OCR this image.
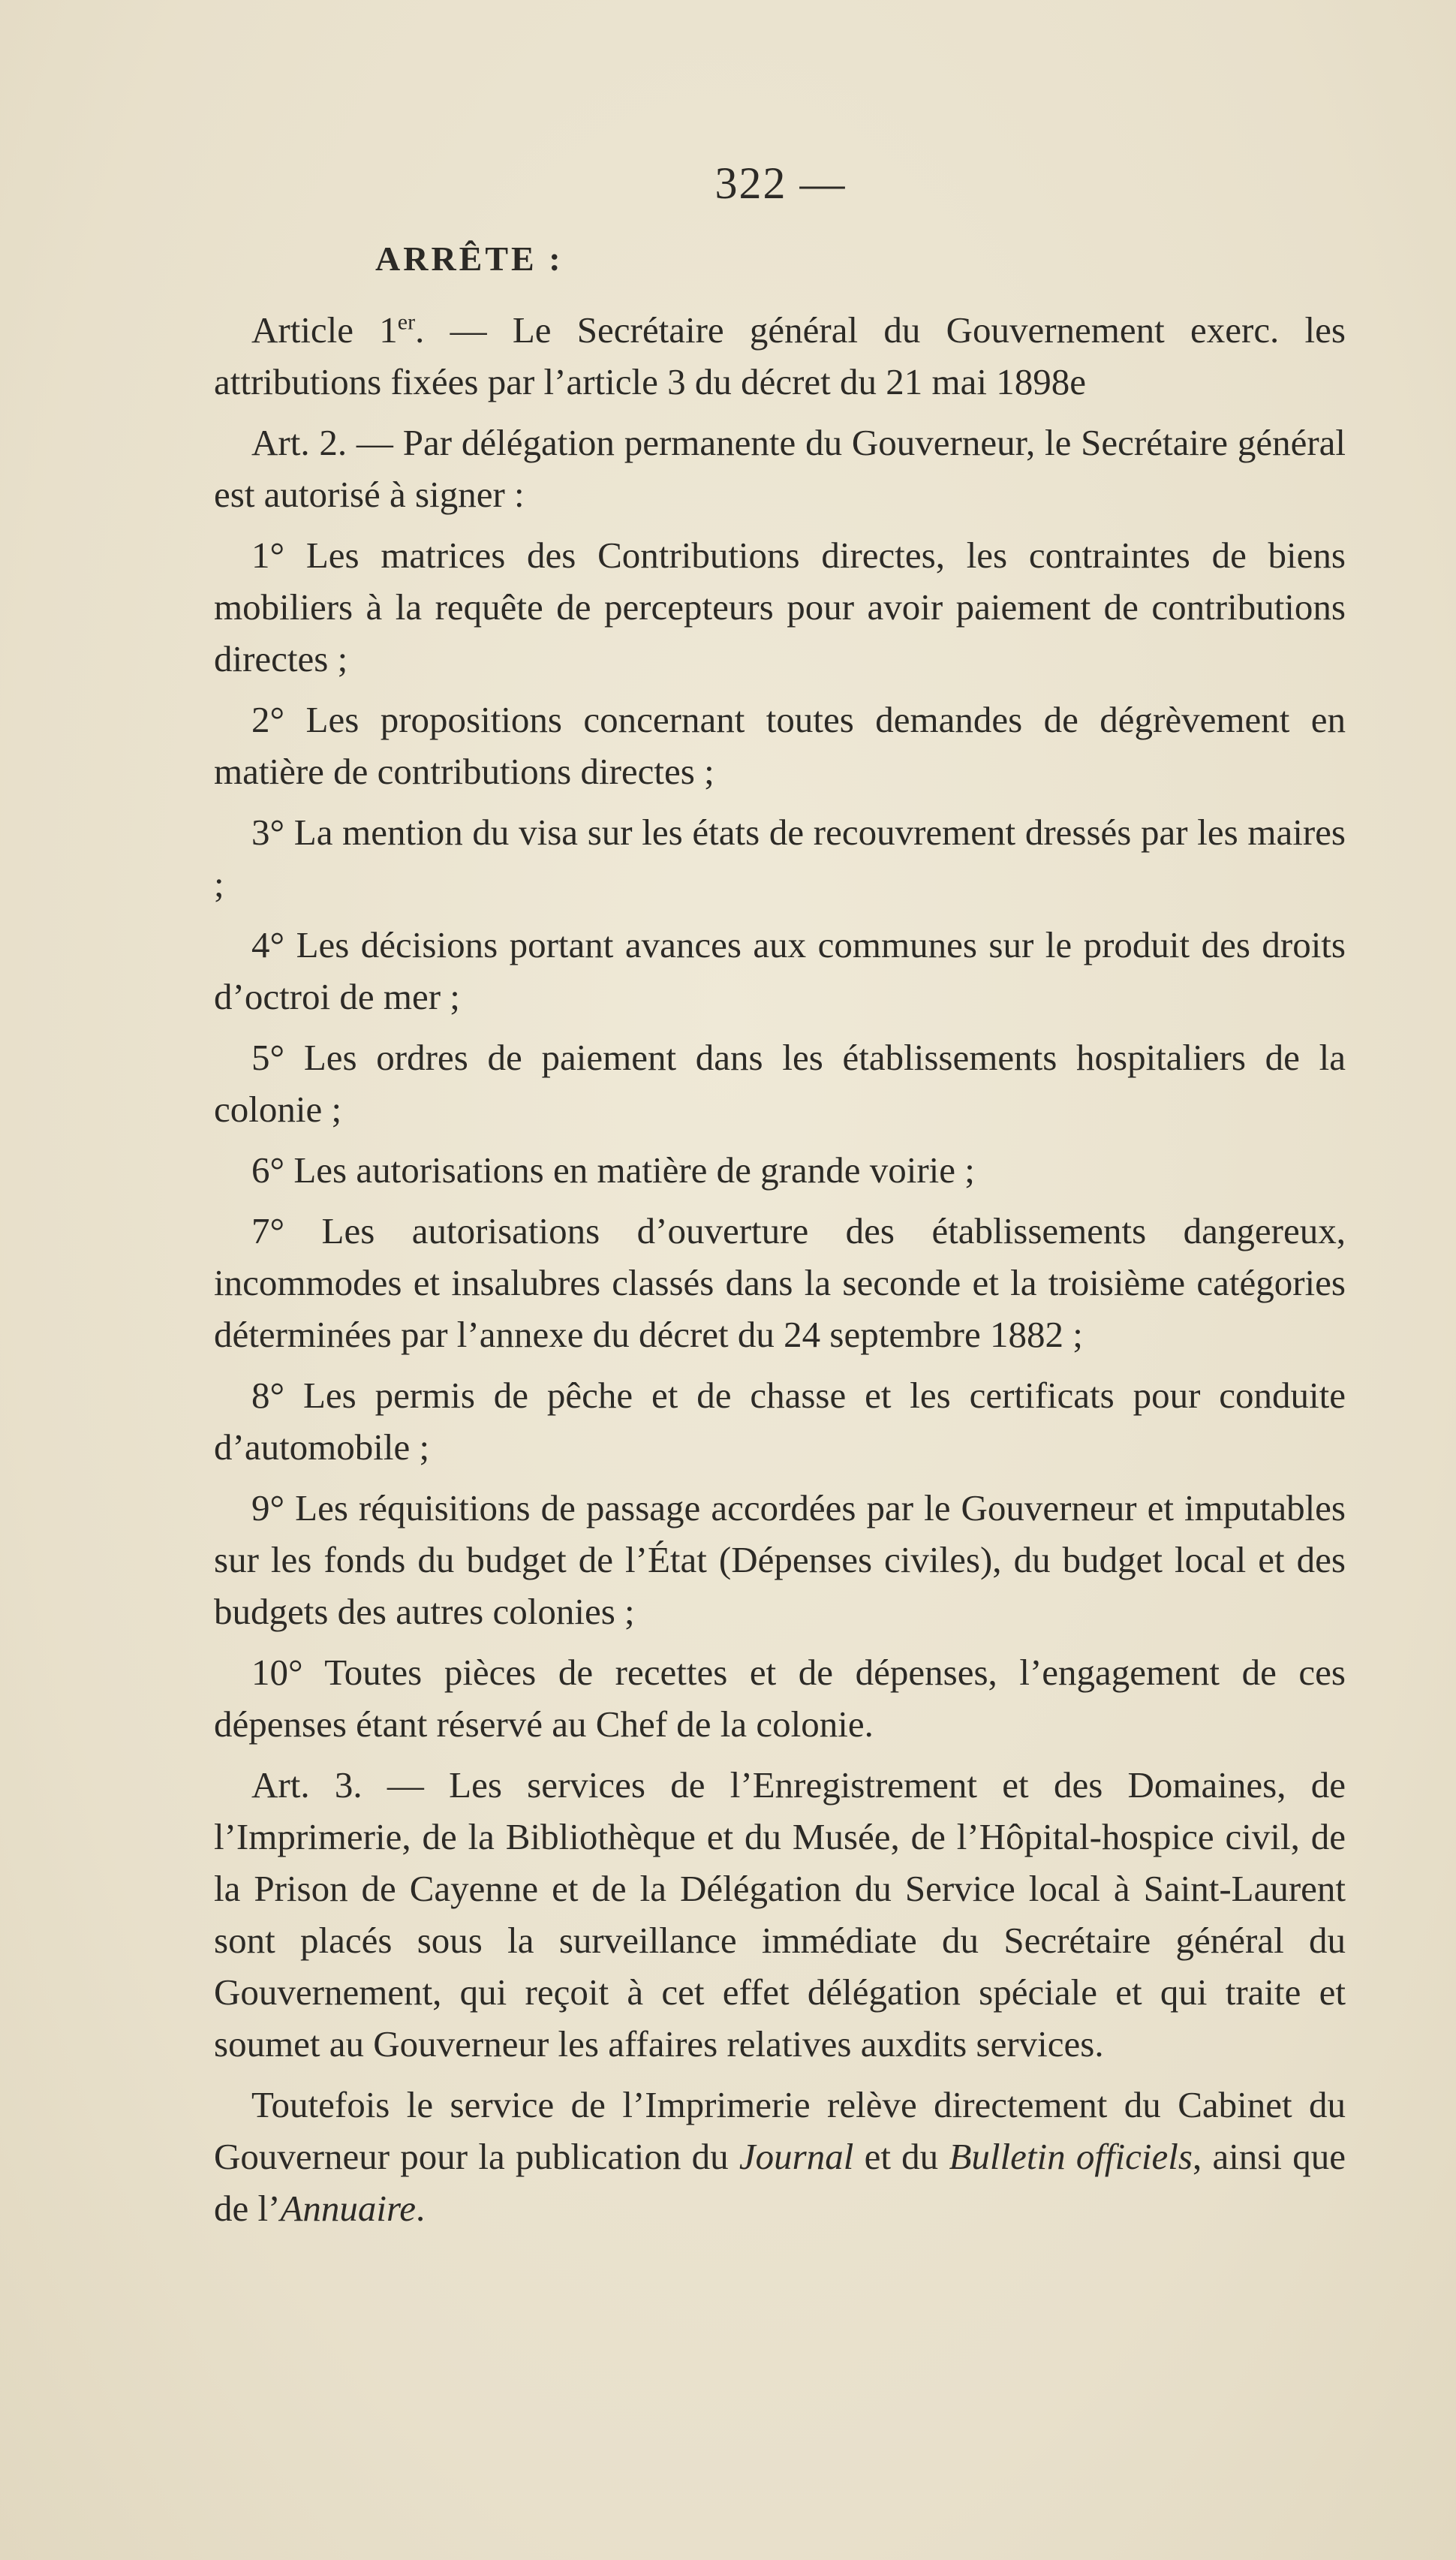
322 —
ARRÊTE :

Article 1er. — Le Secrétaire général du Gouvernement exerc. les attributions fixées par l’article 3 du décret du 21 mai 1898e

Art. 2. — Par délégation permanente du Gouverneur, le Secrétaire général est autorisé à signer :

1° Les matrices des Contributions directes, les contraintes de biens mobiliers à la requête de percepteurs pour avoir paiement de contributions directes ;

2° Les propositions concernant toutes demandes de dégrèvement en matière de contributions directes ;

3° La mention du visa sur les états de recouvrement dressés par les maires ;

4° Les décisions portant avances aux communes sur le produit des droits d’octroi de mer ;

5° Les ordres de paiement dans les établissements hospitaliers de la colonie ;

6° Les autorisations en matière de grande voirie ;

7° Les autorisations d’ouverture des établissements dangereux, incommodes et insalubres classés dans la seconde et la troisième catégories déterminées par l’annexe du décret du 24 septembre 1882 ;

8° Les permis de pêche et de chasse et les certificats pour conduite d’automobile ;

9° Les réquisitions de passage accordées par le Gouverneur et imputables sur les fonds du budget de l’État (Dépenses civiles), du budget local et des budgets des autres colonies ;

10° Toutes pièces de recettes et de dépenses, l’engagement de ces dépenses étant réservé au Chef de la colonie.

Art. 3. — Les services de l’Enregistrement et des Domaines, de l’Imprimerie, de la Bibliothèque et du Musée, de l’Hôpital-hospice civil, de la Prison de Cayenne et de la Délégation du Service local à Saint-Laurent sont placés sous la surveillance immédiate du Secrétaire général du Gouvernement, qui reçoit à cet effet délégation spéciale et qui traite et soumet au Gouverneur les affaires relatives auxdits services.

Toutefois le service de l’Imprimerie relève directement du Cabinet du Gouverneur pour la publication du Journal et du Bulletin officiels, ainsi que de l’Annuaire.
